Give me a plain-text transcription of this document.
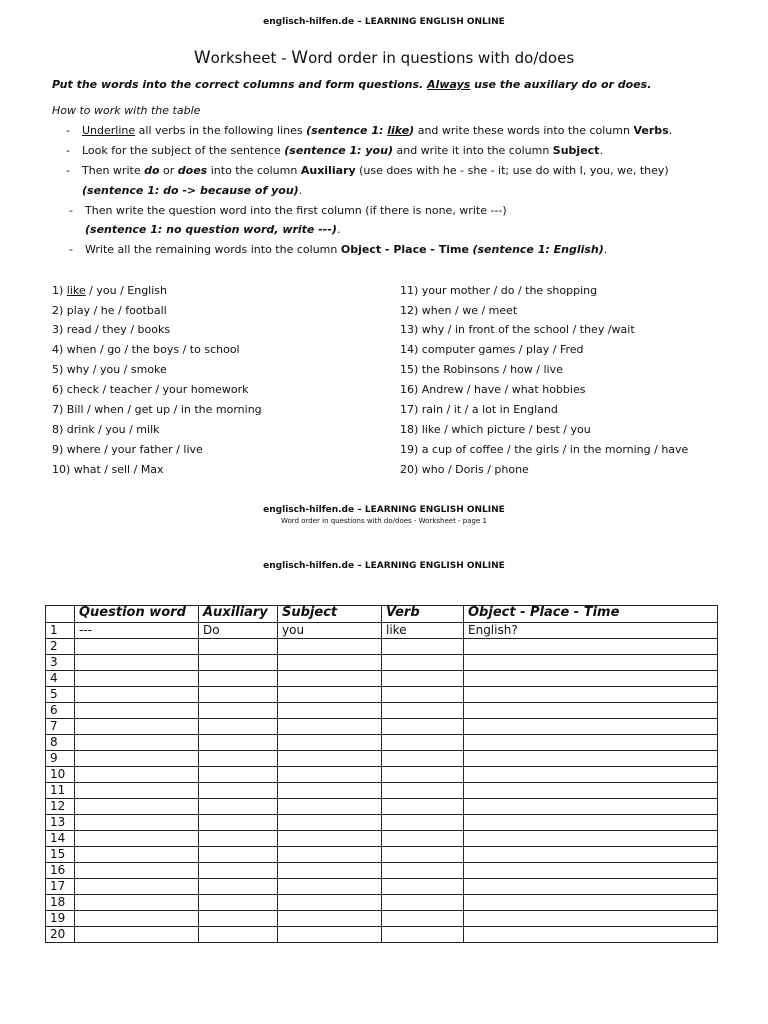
englisch-hilfen.de – LEARNING ENGLISH ONLINE
Worksheet - Word order in questions with do/does
Put the words into the correct columns and form questions. Always use the auxiliary do or does.
How to work with the table
- Underline all verbs in the following lines (sentence 1: like) and write these words into the column Verbs.
- Look for the subject of the sentence (sentence 1: you) and write it into the column Subject.
- Then write do or does into the column Auxiliary (use does with he - she - it; use do with I, you, we, they)
(sentence 1: do -> because of you).
- Then write the question word into the first column (if there is none, write ---)
(sentence 1: no question word, write ---).
- Write all the remaining words into the column Object - Place - Time (sentence 1: English).
1) like / you / English
2) play / he / football
3) read / they / books
4) when / go / the boys / to school
5) why / you / smoke
6) check / teacher / your homework
7) Bill / when / get up / in the morning
8) drink / you / milk
9) where / your father / live
10) what / sell / Max
11) your mother / do / the shopping
12) when / we / meet
13) why / in front of the school / they /wait
14) computer games / play / Fred
15) the Robinsons / how / live
16) Andrew / have / what hobbies
17) rain / it / a lot in England
18) like / which picture / best / you
19) a cup of coffee / the girls / in the morning / have
20) who / Doris / phone
englisch-hilfen.de – LEARNING ENGLISH ONLINE
Word order in questions with do/does - Worksheet - page 1
englisch-hilfen.de – LEARNING ENGLISH ONLINE
	Question word	Auxiliary	Subject	Verb	Object - Place - Time
1	---	Do	you	like	English?
2					
3					
4					
5					
6					
7					
8					
9					
10					
11					
12					
13					
14					
15					
16					
17					
18					
19					
20					
